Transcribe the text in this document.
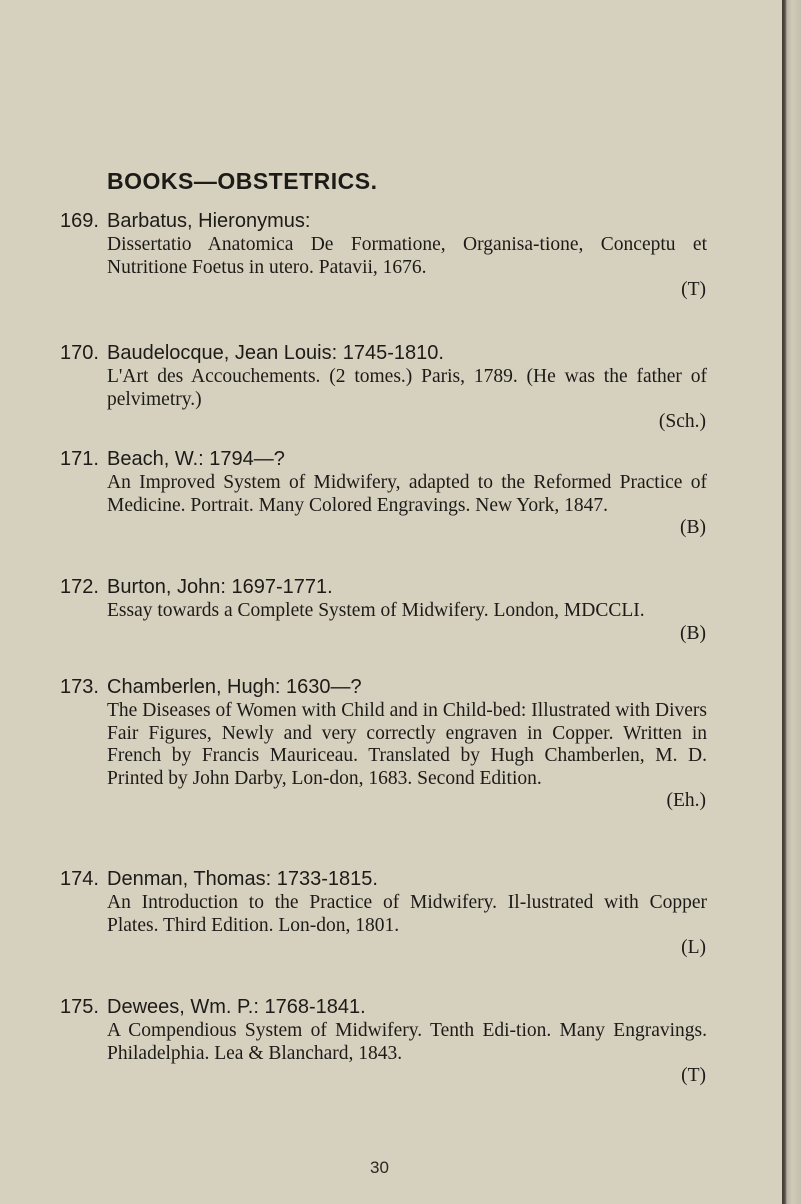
BOOKS—OBSTETRICS.
169. Barbatus, Hieronymus:
Dissertatio Anatomica De Formatione, Organisa-tione, Conceptu et Nutritione Foetus in utero. Patavii, 1676.
(T)
170. Baudelocque, Jean Louis: 1745-1810.
L'Art des Accouchements. (2 tomes.) Paris, 1789. (He was the father of pelvimetry.)
(Sch.)
171. Beach, W.: 1794—?
An Improved System of Midwifery, adapted to the Reformed Practice of Medicine. Portrait. Many Colored Engravings. New York, 1847.
(B)
172. Burton, John: 1697-1771.
Essay towards a Complete System of Midwifery. London, MDCCLI.
(B)
173. Chamberlen, Hugh: 1630—?
The Diseases of Women with Child and in Child-bed: Illustrated with Divers Fair Figures, Newly and very correctly engraven in Copper. Written in French by Francis Mauriceau. Translated by Hugh Chamberlen, M. D. Printed by John Darby, Lon-don, 1683. Second Edition.
(Eh.)
174. Denman, Thomas: 1733-1815.
An Introduction to the Practice of Midwifery. Il-lustrated with Copper Plates. Third Edition. Lon-don, 1801.
(L)
175. Dewees, Wm. P.: 1768-1841.
A Compendious System of Midwifery. Tenth Edi-tion. Many Engravings. Philadelphia. Lea & Blanchard, 1843.
(T)
30
